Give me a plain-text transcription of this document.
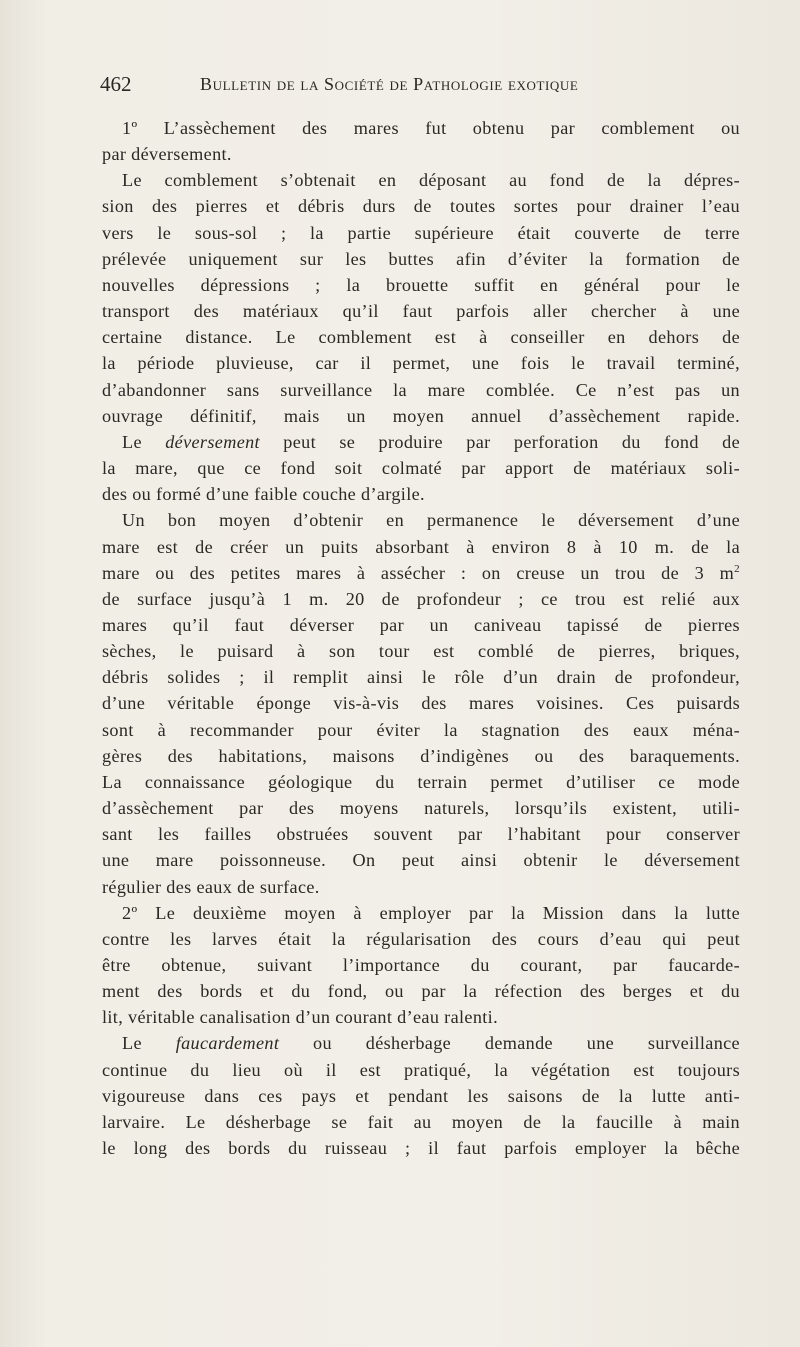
462	Bulletin de la Société de Pathologie exotique
1º L’assèchement des mares fut obtenu par comblement ou
par déversement.
Le comblement s’obtenait en déposant au fond de la dépres-
sion des pierres et débris durs de toutes sortes pour drainer l’eau
vers le sous-sol ; la partie supérieure était couverte de terre
prélevée uniquement sur les buttes afin d’éviter la formation de
nouvelles dépressions ; la brouette suffit en général pour le
transport des matériaux qu’il faut parfois aller chercher à une
certaine distance. Le comblement est à conseiller en dehors de
la période pluvieuse, car il permet, une fois le travail terminé,
d’abandonner sans surveillance la mare comblée. Ce n’est pas un
ouvrage définitif, mais un moyen annuel d’assèchement rapide.
Le déversement peut se produire par perforation du fond de
la mare, que ce fond soit colmaté par apport de matériaux soli-
des ou formé d’une faible couche d’argile.
Un bon moyen d’obtenir en permanence le déversement d’une
mare est de créer un puits absorbant à environ 8 à 10 m. de la
mare ou des petites mares à assécher : on creuse un trou de 3 $m^2$
de surface jusqu’à 1 m. 20 de profondeur ; ce trou est relié aux
mares qu’il faut déverser par un caniveau tapissé de pierres
sèches, le puisard à son tour est comblé de pierres, briques,
débris solides ; il remplit ainsi le rôle d’un drain de profondeur,
d’une véritable éponge vis-à-vis des mares voisines. Ces puisards
sont à recommander pour éviter la stagnation des eaux ména-
gères des habitations, maisons d’indigènes ou des baraquements.
La connaissance géologique du terrain permet d’utiliser ce mode
d’assèchement par des moyens naturels, lorsqu’ils existent, utili-
sant les failles obstruées souvent par l’habitant pour conserver
une mare poissonneuse. On peut ainsi obtenir le déversement
régulier des eaux de surface.
2º Le deuxième moyen à employer par la Mission dans la lutte
contre les larves était la régularisation des cours d’eau qui peut
être obtenue, suivant l’importance du courant, par faucarde-
ment des bords et du fond, ou par la réfection des berges et du
lit, véritable canalisation d’un courant d’eau ralenti.
Le faucardement ou désherbage demande une surveillance
continue du lieu où il est pratiqué, la végétation est toujours
vigoureuse dans ces pays et pendant les saisons de la lutte anti-
larvaire. Le désherbage se fait au moyen de la faucille à main
le long des bords du ruisseau ; il faut parfois employer la bêche
